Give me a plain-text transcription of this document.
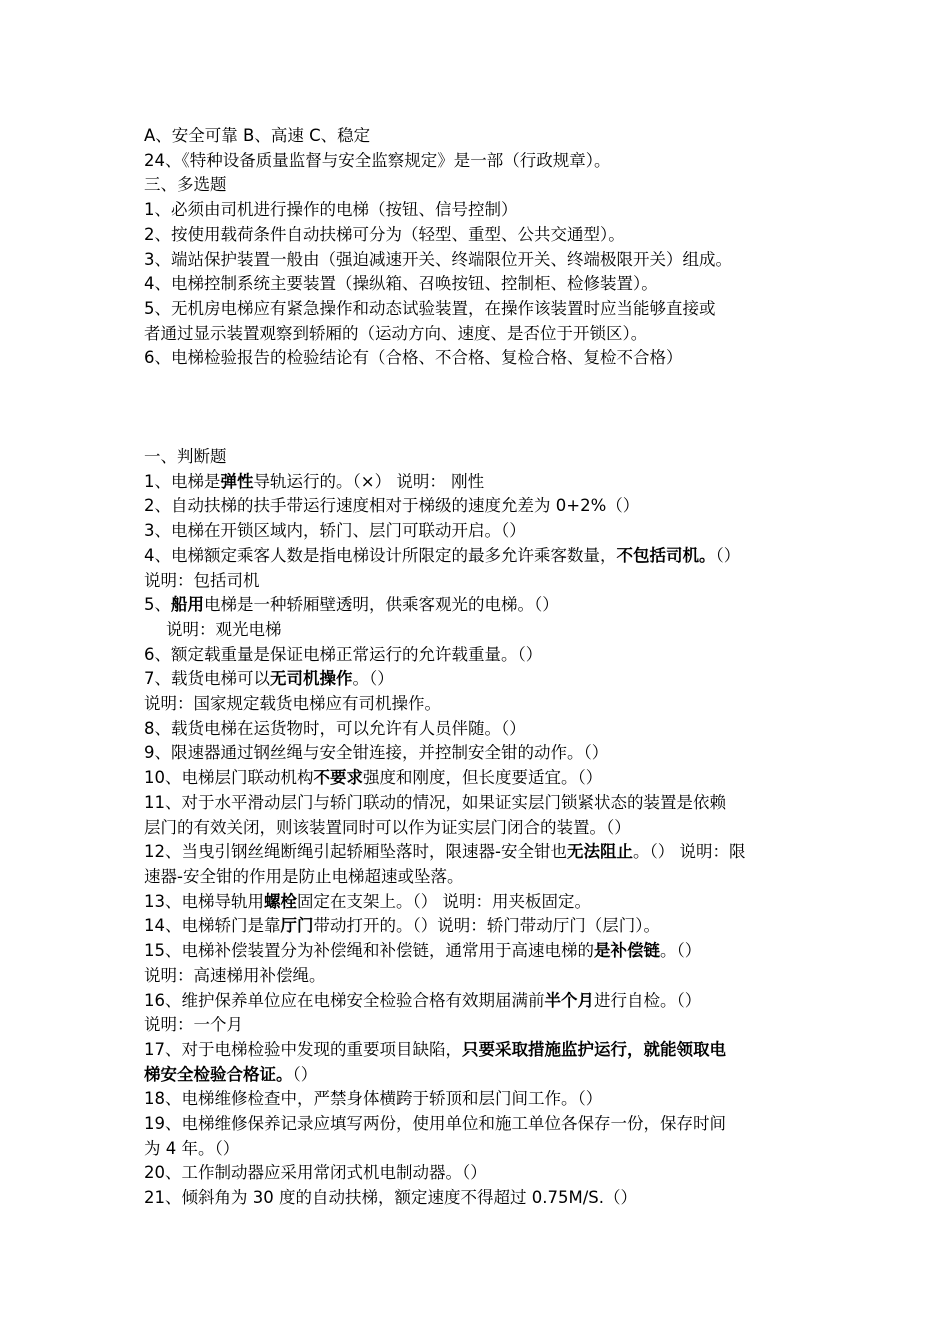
A、安全可靠 B、高速 C、稳定
24、《特种设备质量监督与安全监察规定》是一部（行政规章）。
三、多选题
1、必须由司机进行操作的电梯（按钮、信号控制）
2、按使用载荷条件自动扶梯可分为（轻型、重型、公共交通型）。
3、端站保护装置一般由（强迫减速开关、终端限位开关、终端极限开关）组成。
4、电梯控制系统主要装置（操纵箱、召唤按钮、控制柜、检修装置）。
5、无机房电梯应有紧急操作和动态试验装置，在操作该装置时应当能够直接或
者通过显示装置观察到轿厢的（运动方向、速度、是否位于开锁区）。
6、电梯检验报告的检验结论有（合格、不合格、复检合格、复检不合格）
一、判断题
1、电梯是弹性导轨运行的。（×） 说明： 刚性
2、自动扶梯的扶手带运行速度相对于梯级的速度允差为 0+2%（）
3、电梯在开锁区域内，轿门、层门可联动开启。（）
4、电梯额定乘客人数是指电梯设计所限定的最多允许乘客数量，不包括司机。（）
说明：包括司机
5、船用电梯是一种轿厢壁透明，供乘客观光的电梯。（）
说明：观光电梯
6、额定载重量是保证电梯正常运行的允许载重量。（）
7、载货电梯可以无司机操作。（）
说明：国家规定载货电梯应有司机操作。
8、载货电梯在运货物时，可以允许有人员伴随。（）
9、限速器通过钢丝绳与安全钳连接，并控制安全钳的动作。（）
10、电梯层门联动机构不要求强度和刚度，但长度要适宜。（）
11、对于水平滑动层门与轿门联动的情况，如果证实层门锁紧状态的装置是依赖
层门的有效关闭，则该装置同时可以作为证实层门闭合的装置。（）
12、当曳引钢丝绳断绳引起轿厢坠落时，限速器-安全钳也无法阻止。（） 说明：限
速器-安全钳的作用是防止电梯超速或坠落。
13、电梯导轨用螺栓固定在支架上。（） 说明：用夹板固定。
14、电梯轿门是靠厅门带动打开的。（）说明：轿门带动厅门（层门）。
15、电梯补偿装置分为补偿绳和补偿链，通常用于高速电梯的是补偿链。（）
说明：高速梯用补偿绳。
16、维护保养单位应在电梯安全检验合格有效期届满前半个月进行自检。（）
说明：一个月
17、对于电梯检验中发现的重要项目缺陷，只要采取措施监护运行，就能领取电
梯安全检验合格证。（）
18、电梯维修检查中，严禁身体横跨于轿顶和层门间工作。（）
19、电梯维修保养记录应填写两份，使用单位和施工单位各保存一份，保存时间
为 4 年。（）
20、工作制动器应采用常闭式机电制动器。（）
21、倾斜角为 30 度的自动扶梯，额定速度不得超过 0.75M/S.（）
